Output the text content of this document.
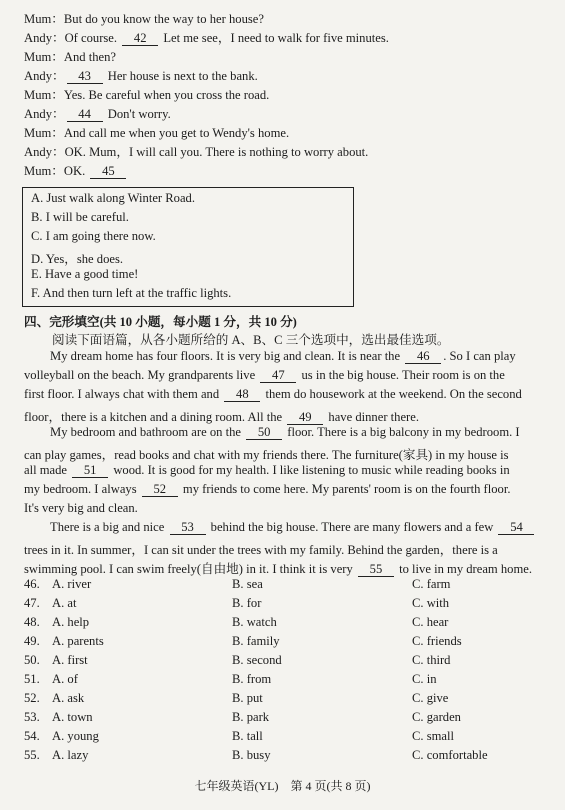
Mum：But do you know the way to her house?
Andy：Of course. 42 Let me see，I need to walk for five minutes.
Mum：And then?
Andy： 43 Her house is next to the bank.
Mum：Yes. Be careful when you cross the road.
Andy： 44 Don't worry.
Mum：And call me when you get to Wendy's home.
Andy：OK. Mum，I will call you. There is nothing to worry about.
Mum：OK. 45
A. Just walk along Winter Road.
B. I will be careful.
C. I am going there now.
D. Yes，she does.
E. Have a good time!
F. And then turn left at the traffic lights.
四、完形填空(共 10 小题，每小题 1 分，共 10 分)
阅读下面语篇，从各小题所给的 A、B、C 三个选项中，选出最佳选项。
My dream home has four floors. It is very big and clean. It is near the 46 . So I can play
volleyball on the beach. My grandparents live 47 us in the big house. Their room is on the
first floor. I always chat with them and 48 them do housework at the weekend. On the second
floor，there is a kitchen and a dining room. All the 49 have dinner there.
My bedroom and bathroom are on the 50 floor. There is a big balcony in my bedroom. I
can play games，read books and chat with my friends there. The furniture(家具) in my house is
all made 51 wood. It is good for my health. I like listening to music while reading books in
my bedroom. I always 52 my friends to come here. My parents' room is on the fourth floor.
It's very big and clean.
There is a big and nice 53 behind the big house. There are many flowers and a few 54
trees in it. In summer，I can sit under the trees with my family. Behind the garden，there is a
swimming pool. I can swim freely(自由地) in it. I think it is very 55 to live in my dream home.
46. A. river	B. sea	C. farm
47. A. at	B. for	C. with
48. A. help	B. watch	C. hear
49. A. parents	B. family	C. friends
50. A. first	B. second	C. third
51. A. of	B. from	C. in
52. A. ask	B. put	C. give
53. A. town	B. park	C. garden
54. A. young	B. tall	C. small
55. A. lazy	B. busy	C. comfortable
七年级英语(YL)　第 4 页(共 8 页)
